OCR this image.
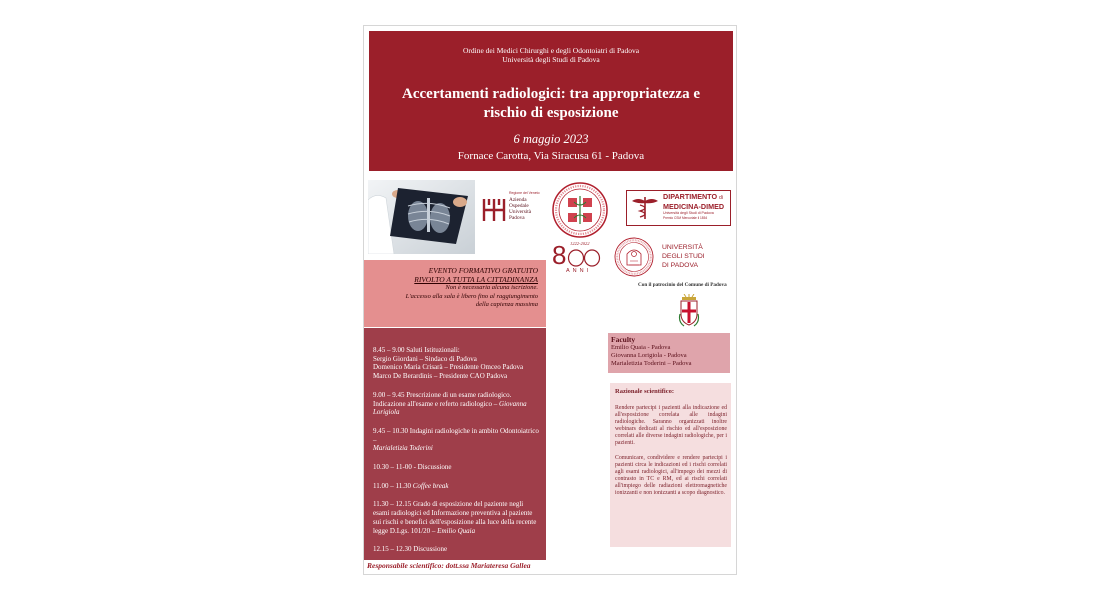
Ordine dei Medici Chirurghi e degli Odontoiatri di Padova
Università degli Studi di Padova
Accertamenti radiologici: tra appropriatezza e rischio di esposizione
6 maggio 2023
Fornace Carotta, Via Siracusa 61 - Padova
Regione del Veneto
Azienda
Ospedale
Università
Padova
DIPARTIMENTO di
MEDICINA-DIMED
Università degli Studi di Padova
Premio CSM Mercuriale il 1854
1222-2022
8
ANNI
UNIVERSITÀ
DEGLI STUDI
DI PADOVA
Con il patrocinio del Comune di Padova
EVENTO FORMATIVO GRATUITO
RIVOLTO A TUTTA LA CITTADINANZA
Non è necessaria alcuna iscrizione.
L'accesso alla sala è libero fino al raggiungimento
della capienza massima

8.45 – 9.00 Saluti Istituzionali:
Sergio Giordani – Sindaco di Padova
Domenico Maria Crisarà – Presidente Omceo Padova
Marco De Berardinis – Presidente CAO Padova

9.00 – 9.45 Prescrizione di un esame radiologico. Indicazione all'esame e referto radiologico – Giovanna Lorigiola

9.45 – 10.30 Indagini radiologiche in ambito Odontoiatrico –
Marialetizia Toderini

10.30 – 11-00 - Discussione

11.00 – 11.30 Coffee break

11.30 – 12.15 Grado di esposizione del paziente negli esami radiologici ed Informazione preventiva al paziente sui rischi e benefici dell'esposizione alla luce della recente legge D.Lgs. 101/20 – Emilio Quaia

12.15 – 12.30 Discussione

Faculty
Emilio Quaia - Padova
Giovanna Lorigiola - Padova
Marialetizia Toderini – Padova
Razionale scientifico:

Rendere partecipi i pazienti alla indicazione ed all'esposizione correlata alle indagini radiologiche. Saranno organizzati inoltre webinars dedicati al rischio ed all'esposizione correlati alle diverse indagini radiologiche, per i pazienti.

Comunicare, condividere e rendere partecipi i pazienti circa le indicazioni ed i rischi correlati agli esami radiologici, all'impego dei mezzi di contrasto in TC e RM, ed ai rischi correlati all'impiego delle radiazioni elettromagnetiche ionizzanti e non ionizzanti a scopo diagnostico.

Responsabile scientifico: dott.ssa Mariateresa Gallea
